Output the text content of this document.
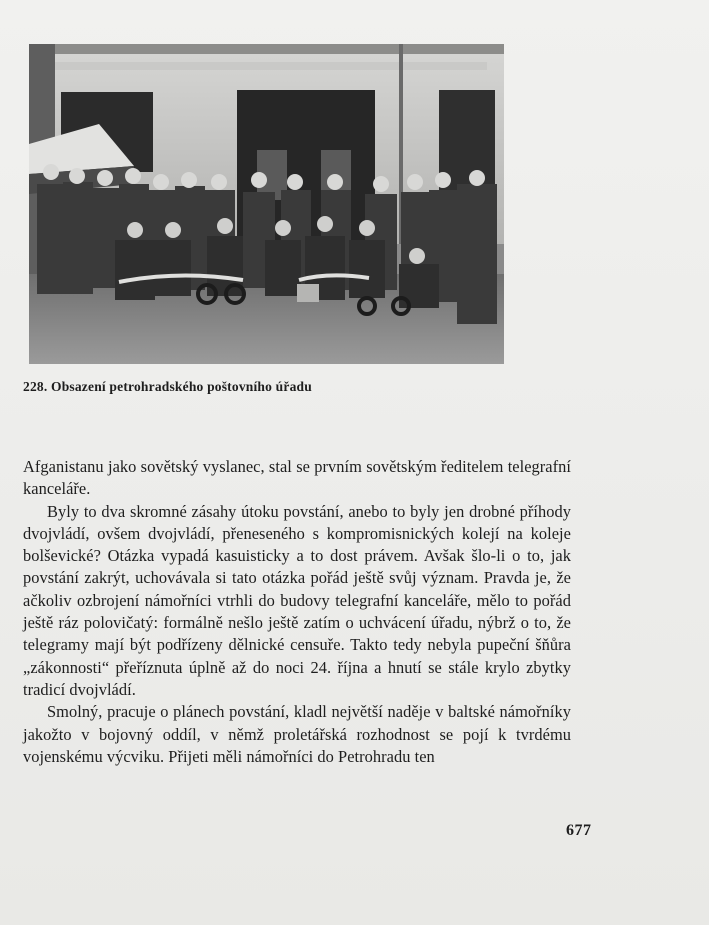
228. Obsazení petrohradského poštovního úřadu

Afganistanu jako sovětský vyslanec, stal se prvním sovětským ředitelem telegrafní kanceláře.

Byly to dva skromné zásahy útoku povstání, anebo to byly jen drobné příhody dvojvládí, ovšem dvojvládí, přeneseného s kompromisnických kolejí na koleje bolševické? Otázka vypadá kasuisticky a to dost právem. Avšak šlo-li o to, jak povstání zakrýt, uchovávala si tato otázka pořád ještě svůj význam. Pravda je, že ačkoliv ozbrojení námořníci vtrhli do budovy telegrafní kanceláře, mělo to pořád ještě ráz polovičatý: formálně nešlo ještě zatím o uchvácení úřadu, nýbrž o to, že telegramy mají být podřízeny dělnické censuře. Takto tedy nebyla pupeční šňůra „zákonnosti“ přeříznuta úplně až do noci 24. října a hnutí se stále krylo zbytky tradicí dvojvládí.

Smolný, pracuje o plánech povstání, kladl největší naděje v baltské námořníky jakožto v bojovný oddíl, v němž proletářská rozhodnost se pojí k tvrdému vojenskému výcviku. Přijeti měli námořníci do Petrohradu ten

677
